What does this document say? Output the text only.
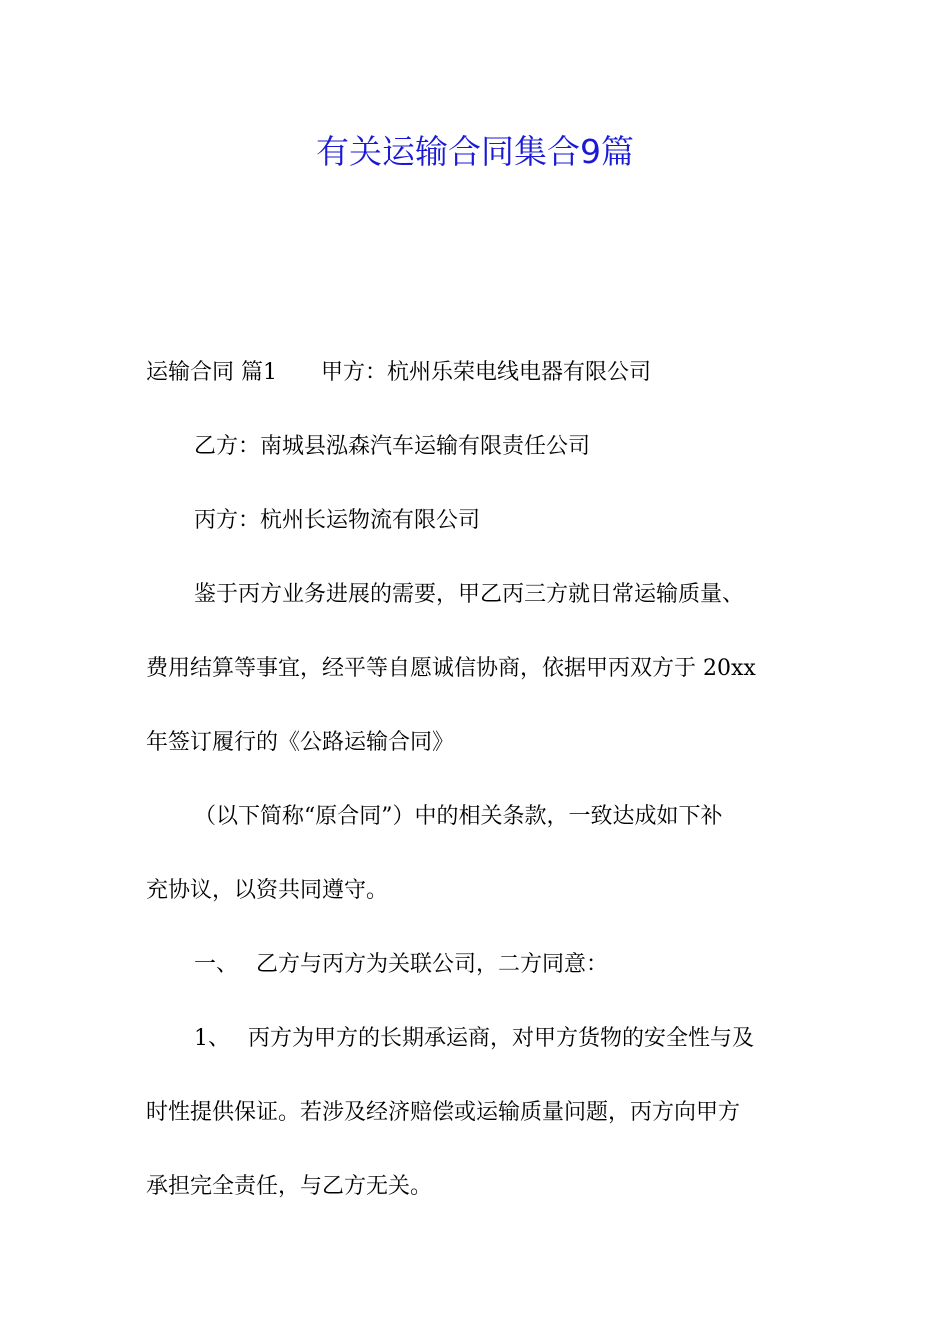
有关运输合同集合9篇
运输合同 篇1 甲方：杭州乐荣电线电器有限公司
乙方：南城县泓森汽车运输有限责任公司
丙方：杭州长运物流有限公司
鉴于丙方业务进展的需要，甲乙丙三方就日常运输质量、
费用结算等事宜，经平等自愿诚信协商，依据甲丙双方于 20xx
年签订履行的《公路运输合同》
（以下简称“原合同”）中的相关条款，一致达成如下补
充协议，以资共同遵守。
一、 乙方与丙方为关联公司，二方同意：
1、 丙方为甲方的长期承运商，对甲方货物的安全性与及
时性提供保证。若涉及经济赔偿或运输质量问题，丙方向甲方
承担完全责任，与乙方无关。
